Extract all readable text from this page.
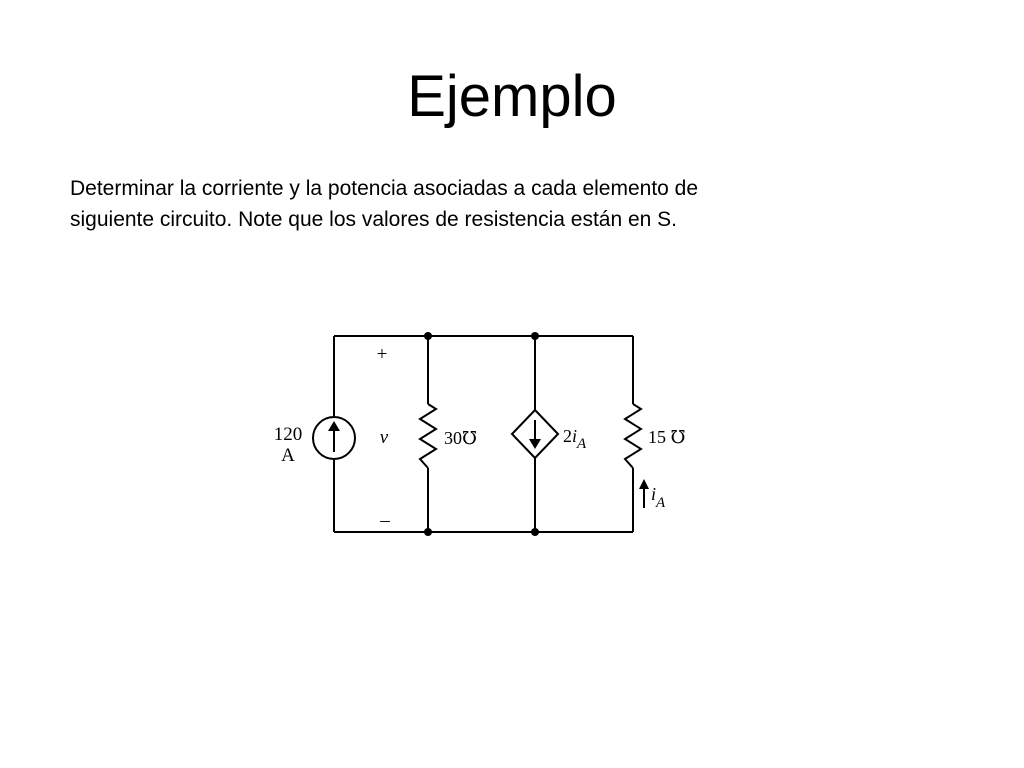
Ejemplo

Determinar la corriente y la potencia asociadas a cada elemento de
siguiente circuito. Note que los valores de resistencia están en S.

120
A
+
–
v	30℧	$2i_A$	15 ℧
$i_A$
